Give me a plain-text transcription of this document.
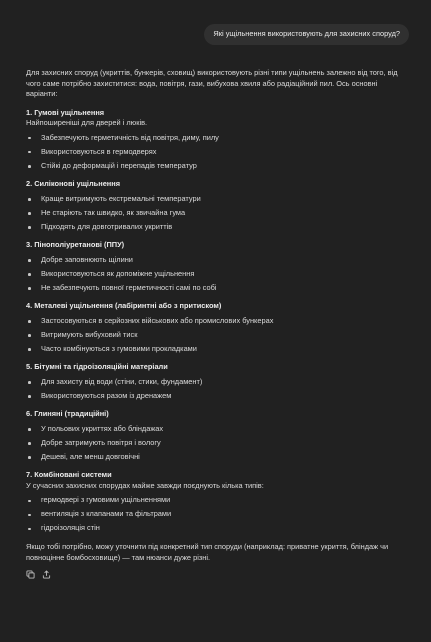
Які ущільнення використовують для захисних споруд?

Для захисних споруд (укриттів, бункерів, сховищ) використовують різні типи ущільнень залежно від того, від чого саме потрібно захиститися: вода, повітря, гази, вибухова хвиля або радіаційний пил. Ось основні варіанти:

1. Гумові ущільнення

Найпоширеніші для дверей і люків.

Забезпечують герметичність від повітря, диму, пилу
Використовуються в гермодверях
Стійкі до деформацій і перепадів температур

2. Силіконові ущільнення

Краще витримують екстремальні температури
Не старіють так швидко, як звичайна гума
Підходять для довготривалих укриттів

3. Пінополіуретанові (ППУ)

Добре заповнюють щілини
Використовуються як допоміжне ущільнення
Не забезпечують повної герметичності самі по собі

4. Металеві ущільнення (лабіринтні або з притиском)

Застосовуються в серйозних військових або промислових бункерах
Витримують вибуховий тиск
Часто комбінуються з гумовими прокладками

5. Бітумні та гідроізоляційні матеріали

Для захисту від води (стіни, стики, фундамент)
Використовуються разом із дренажем

6. Глиняні (традиційні)

У польових укриттях або бліндажах
Добре затримують повітря і вологу
Дешеві, але менш довговічні

7. Комбіновані системи

У сучасних захисних спорудах майже завжди поєднують кілька типів:

гермодвері з гумовими ущільненнями
вентиляція з клапанами та фільтрами
гідроізоляція стін

Якщо тобі потрібно, можу уточнити під конкретний тип споруди (наприклад: приватне укриття, бліндаж чи повноцінне бомбосховище) — там нюанси дуже різні.
